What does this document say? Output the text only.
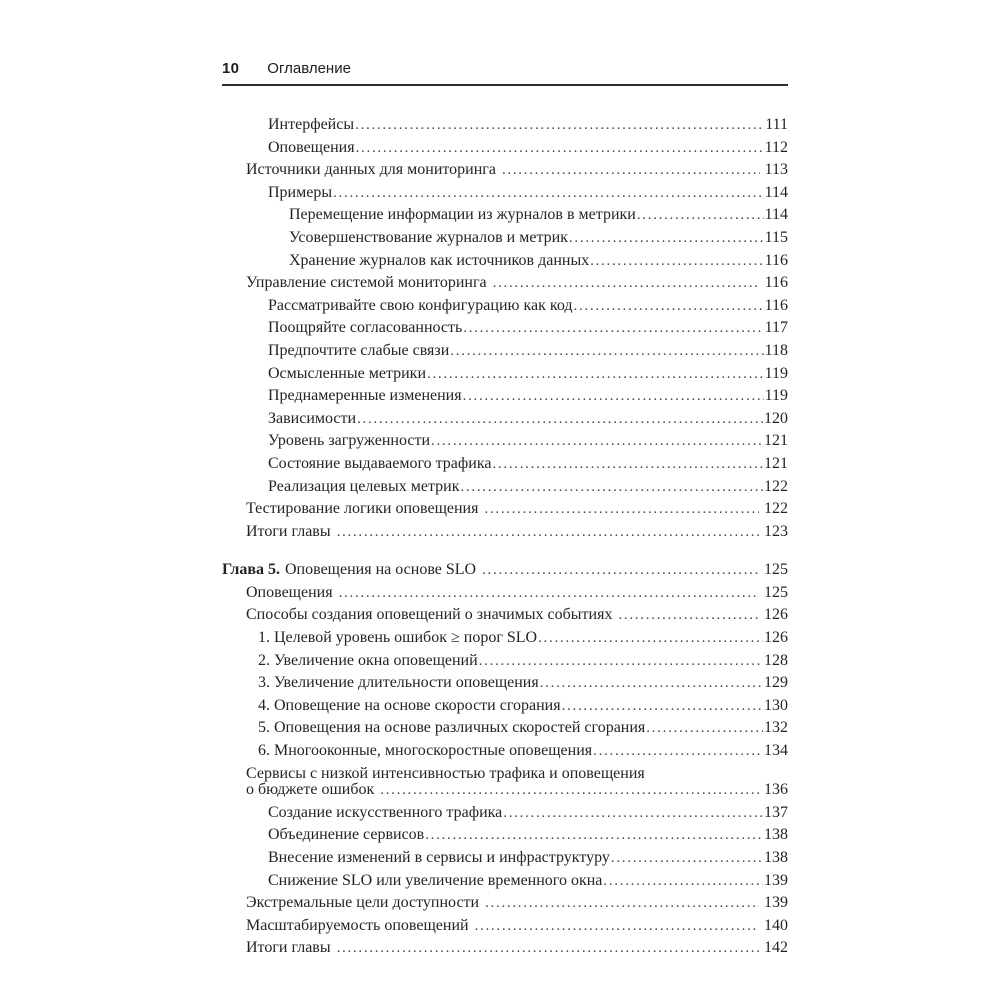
10 Оглавление
Интерфейсы .....	111
Оповещения .....	112
Источники данных для мониторинга .....	113
Примеры .....	114
Перемещение информации из журналов в метрики .....	114
Усовершенствование журналов и метрик .....	115
Хранение журналов как источников данных .....	116
Управление системой мониторинга .....	116
Рассматривайте свою конфигурацию как код .....	116
Поощряйте согласованность .....	117
Предпочтите слабые связи .....	118
Осмысленные метрики .....	119
Преднамеренные изменения .....	119
Зависимости .....	120
Уровень загруженности .....	121
Состояние выдаваемого трафика .....	121
Реализация целевых метрик .....	122
Тестирование логики оповещения .....	122
Итоги главы .....	123
Глава 5. Оповещения на основе SLO .....	125
Оповещения .....	125
Способы создания оповещений о значимых событиях .....	126
1. Целевой уровень ошибок ≥ порог SLO .....	126
2. Увеличение окна оповещений .....	128
3. Увеличение длительности оповещения .....	129
4. Оповещение на основе скорости сгорания .....	130
5. Оповещения на основе различных скоростей сгорания .....	132
6. Многооконные, многоскоростные оповещения .....	134
Сервисы с низкой интенсивностью трафика и оповещения
о бюджете ошибок .....	136
Создание искусственного трафика .....	137
Объединение сервисов .....	138
Внесение изменений в сервисы и инфраструктуру .....	138
Снижение SLO или увеличение временного окна .....	139
Экстремальные цели доступности .....	139
Масштабируемость оповещений .....	140
Итоги главы .....	142
